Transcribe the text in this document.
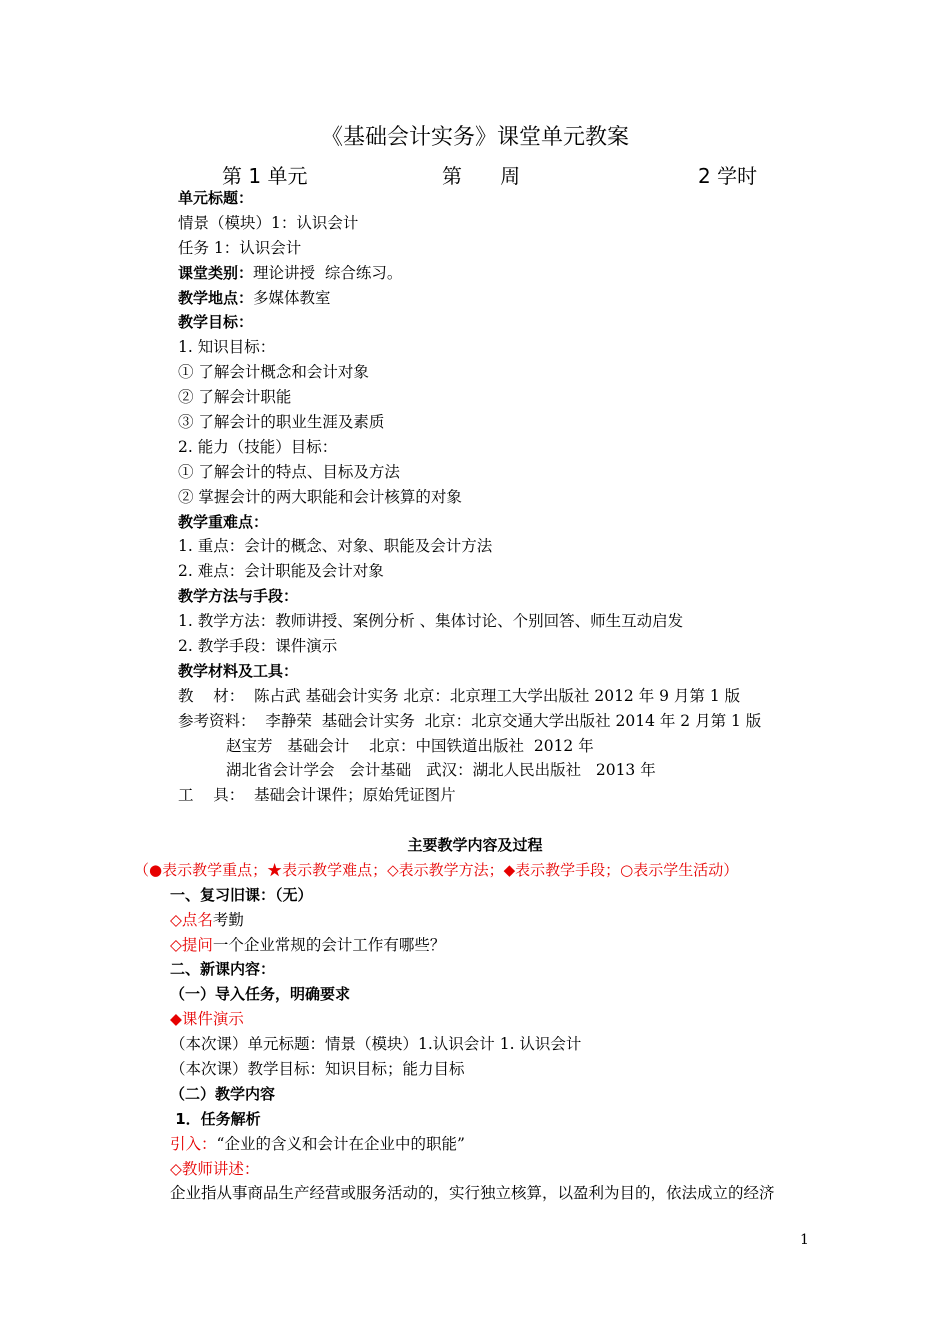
《基础会计实务》课堂单元教案
第 1 单元	第      周	2 学时
单元标题：
情景（模块）1：认识会计
任务 1：认识会计
课堂类别：理论讲授  综合练习。
教学地点：多媒体教室
教学目标：
1. 知识目标：
① 了解会计概念和会计对象
② 了解会计职能
③ 了解会计的职业生涯及素质
2. 能力（技能）目标：
① 了解会计的特点、目标及方法
② 掌握会计的两大职能和会计核算的对象
教学重难点：
1. 重点：会计的概念、对象、职能及会计方法
2. 难点：会计职能及会计对象
教学方法与手段：
1. 教学方法：教师讲授、案例分析 、集体讨论、个别回答、师生互动启发
2. 教学手段：课件演示
教学材料及工具：
教    材：  陈占武 基础会计实务 北京：北京理工大学出版社 2012 年 9 月第 1 版
参考资料：  李静荣  基础会计实务  北京：北京交通大学出版社 2014 年 2 月第 1 版
赵宝芳   基础会计    北京：中国铁道出版社  2012 年
湖北省会计学会   会计基础   武汉：湖北人民出版社   2013 年
工    具：  基础会计课件；原始凭证图片
主要教学内容及过程
（●表示教学重点；★表示教学难点；◇表示教学方法；◆表示教学手段；○表示学生活动）
一、复习旧课：（无）
◇点名考勤
◇提问一个企业常规的会计工作有哪些？
二、新课内容：
（一）导入任务，明确要求
◆课件演示
（本次课）单元标题：情景（模块）1.认识会计 1. 认识会计
（本次课）教学目标：知识目标；能力目标
（二）教学内容
1．任务解析
引入：“企业的含义和会计在企业中的职能”
◇教师讲述：
企业指从事商品生产经营或服务活动的，实行独立核算，以盈利为目的，依法成立的经济
1
